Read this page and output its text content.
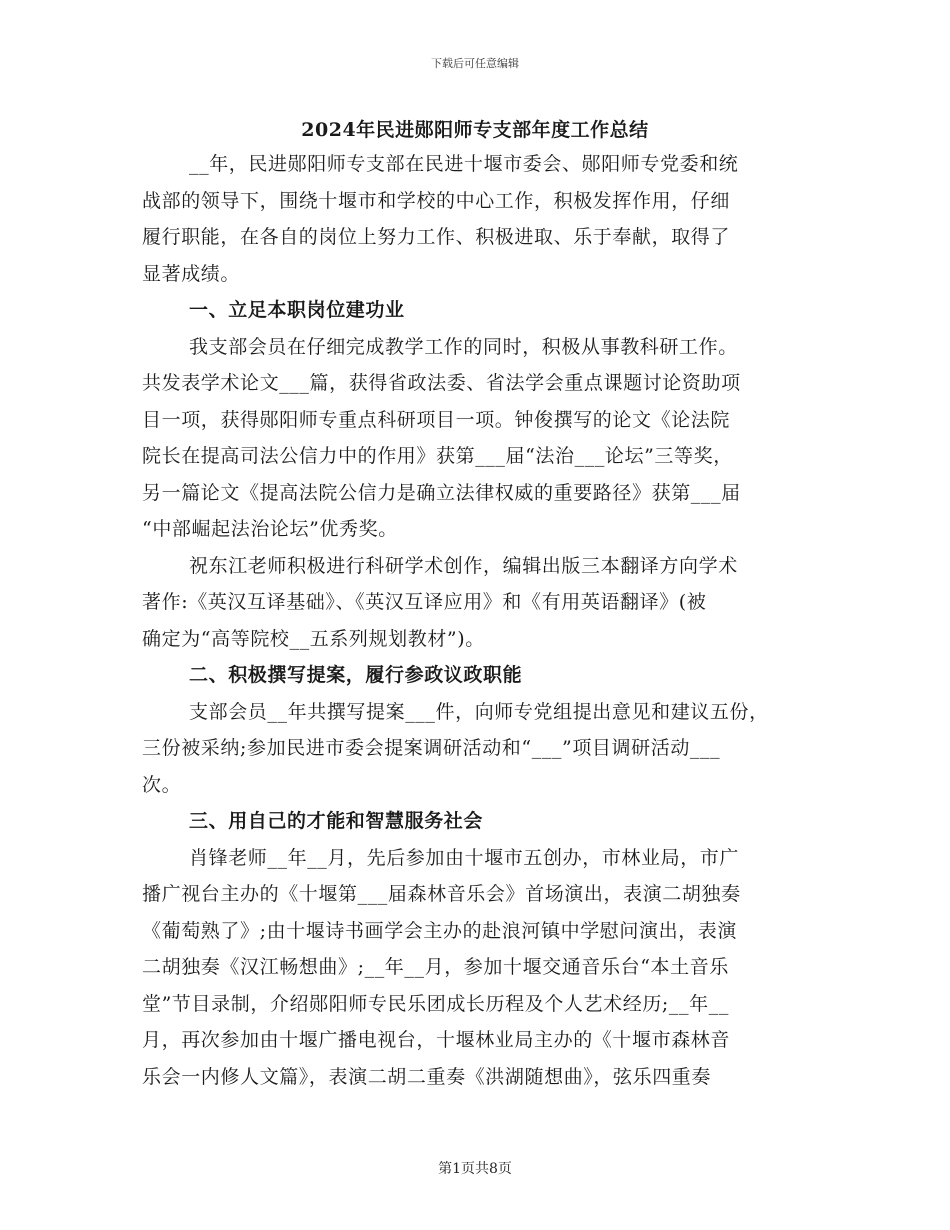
下载后可任意编辑
2024年民进郧阳师专支部年度工作总结
__年，民进郧阳师专支部在民进十堰市委会、郧阳师专党委和统
战部的领导下，围绕十堰市和学校的中心工作，积极发挥作用，仔细
履行职能，在各自的岗位上努力工作、积极进取、乐于奉献，取得了
显著成绩。
一、立足本职岗位建功业
我支部会员在仔细完成教学工作的同时，积极从事教科研工作。
共发表学术论文___篇，获得省政法委、省法学会重点课题讨论资助项
目一项，获得郧阳师专重点科研项目一项。钟俊撰写的论文《论法院
院长在提高司法公信力中的作用》获第___届“法治___论坛”三等奖，
另一篇论文《提高法院公信力是确立法律权威的重要路径》获第___届
“中部崛起法治论坛”优秀奖。
祝东江老师积极进行科研学术创作，编辑出版三本翻译方向学术
著作:《英汉互译基础》、《英汉互译应用》和《有用英语翻译》(被
确定为“高等院校__五系列规划教材”)。
二、积极撰写提案，履行参政议政职能
支部会员__年共撰写提案___件，向师专党组提出意见和建议五份，
三份被采纳;参加民进市委会提案调研活动和“___”项目调研活动___
次。
三、用自己的才能和智慧服务社会
肖锋老师__年__月，先后参加由十堰市五创办，市林业局，市广
播广视台主办的《十堰第___届森林音乐会》首场演出，表演二胡独奏
《葡萄熟了》;由十堰诗书画学会主办的赴浪河镇中学慰问演出，表演
二胡独奏《汉江畅想曲》;__年__月，参加十堰交通音乐台“本土音乐
堂”节目录制，介绍郧阳师专民乐团成长历程及个人艺术经历;__年__
月，再次参加由十堰广播电视台，十堰林业局主办的《十堰市森林音
乐会一内修人文篇》，表演二胡二重奏《洪湖随想曲》，弦乐四重奏
第1页共8页
